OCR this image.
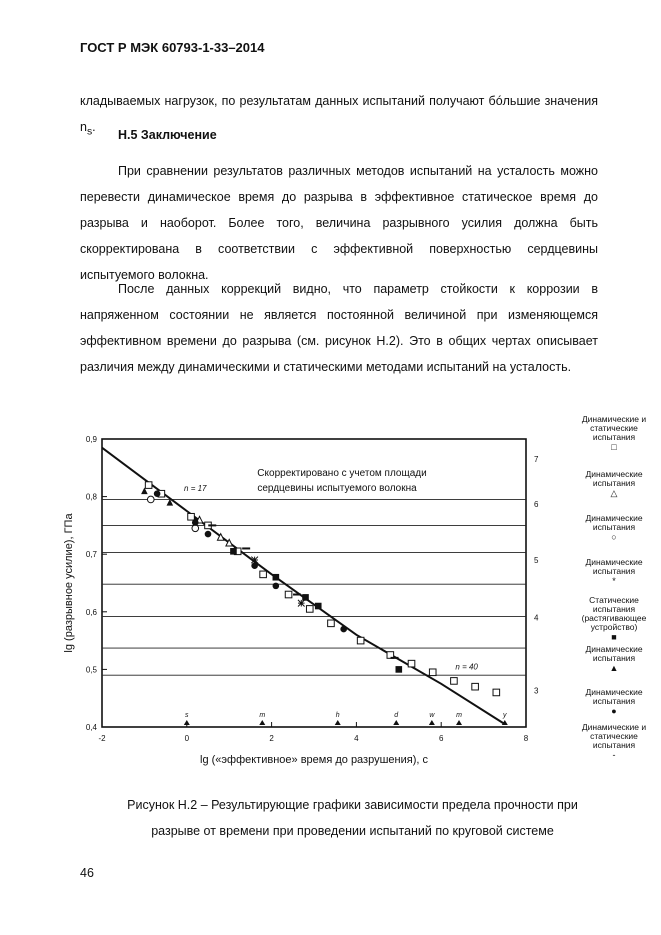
ГОСТ Р МЭК 60793-1-33–2014
кладываемых нагрузок, по результатам данных испытаний получают бóльшие значения $n_s$.
Н.5 Заключение
При сравнении результатов различных методов испытаний на усталость можно перевести динамическое время до разрыва в эффективное статическое время до разрыва и наоборот. Более того, величина разрывного усилия должна быть скорректирована в соответствии с эффективной поверхностью сердцевины испытуемого волокна.
После данных коррекций видно, что параметр стойкости к коррозии в напряженном состоянии не является постоянной величиной при изменяющемся эффективном времени до разрыва (см. рисунок Н.2). Это в общих чертах описывает различия между динамическими и статическими методами испытаний на усталость.
-2	0	2	4	6	8
0,4
0,5
0,6
0,7
0,8
0,9
3
4
5
6
7
lg («эффективное» время до разрушения), c
lg (разрывное усилие), ГПа
Скорректировано с учетом площади
сердцевины испытуемого волокна
n = 17
n = 40
s	m	h	d	w	m	y
Динамические и статические испытания
□
Динамические испытания
△
Динамические испытания
○
Динамические испытания
*
Статические испытания (растягивающее устройство)
■
Динамические испытания
▲
Динамические испытания
●
Динамические и статические испытания
-
Рисунок Н.2 – Результирующие графики зависимости предела прочности при
разрыве от времени при проведении испытаний по круговой системе
46
